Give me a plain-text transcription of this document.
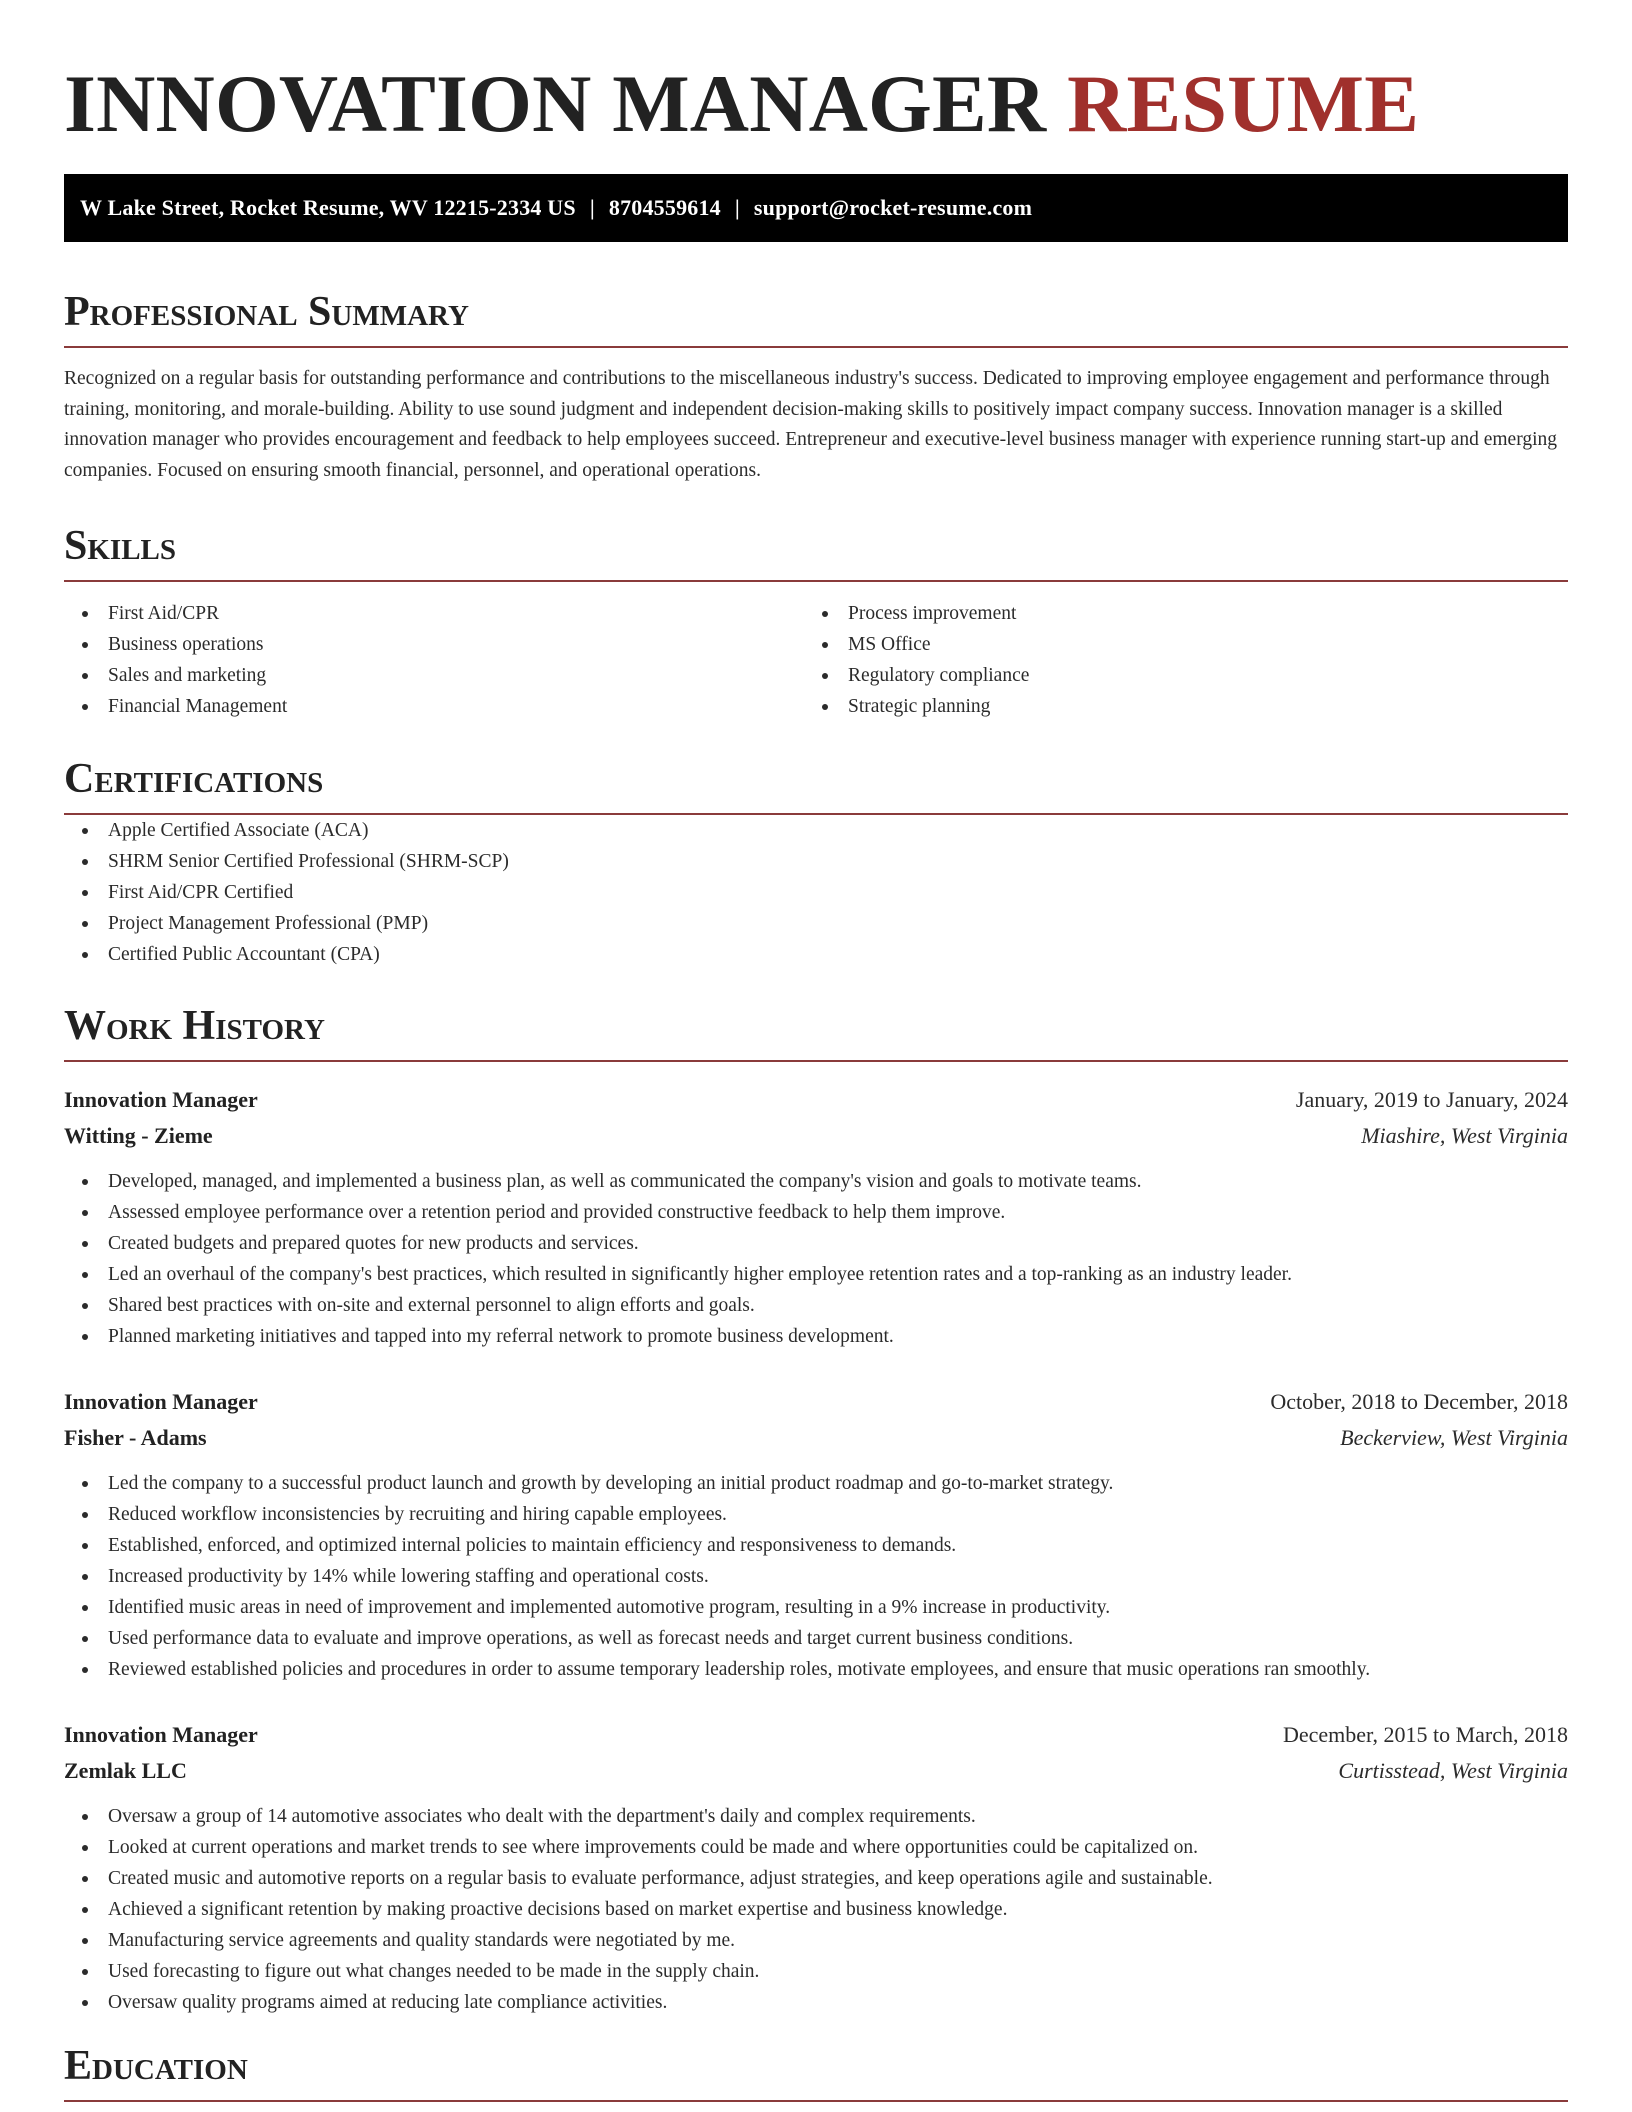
INNOVATION MANAGER RESUME
W Lake Street, Rocket Resume, WV 12215-2334 US | 8704559614 | support@rocket-resume.com
Professional Summary

Recognized on a regular basis for outstanding performance and contributions to the miscellaneous industry's success. Dedicated to improving employee engagement and performance through training, monitoring, and morale-building. Ability to use sound judgment and independent decision-making skills to positively impact company success. Innovation manager is a skilled innovation manager who provides encouragement and feedback to help employees succeed. Entrepreneur and executive-level business manager with experience running start-up and emerging companies. Focused on ensuring smooth financial, personnel, and operational operations.

Skills
First Aid/CPR
Business operations
Sales and marketing
Financial Management
Process improvement
MS Office
Regulatory compliance
Strategic planning
Certifications
Apple Certified Associate (ACA)
SHRM Senior Certified Professional (SHRM-SCP)
First Aid/CPR Certified
Project Management Professional (PMP)
Certified Public Accountant (CPA)
Work History
Innovation Manager	January, 2019 to January, 2024
Witting - Zieme	Miashire, West Virginia
Developed, managed, and implemented a business plan, as well as communicated the company's vision and goals to motivate teams.
Assessed employee performance over a retention period and provided constructive feedback to help them improve.
Created budgets and prepared quotes for new products and services.
Led an overhaul of the company's best practices, which resulted in significantly higher employee retention rates and a top-ranking as an industry leader.
Shared best practices with on-site and external personnel to align efforts and goals.
Planned marketing initiatives and tapped into my referral network to promote business development.
Innovation Manager	October, 2018 to December, 2018
Fisher - Adams	Beckerview, West Virginia
Led the company to a successful product launch and growth by developing an initial product roadmap and go-to-market strategy.
Reduced workflow inconsistencies by recruiting and hiring capable employees.
Established, enforced, and optimized internal policies to maintain efficiency and responsiveness to demands.
Increased productivity by 14% while lowering staffing and operational costs.
Identified music areas in need of improvement and implemented automotive program, resulting in a 9% increase in productivity.
Used performance data to evaluate and improve operations, as well as forecast needs and target current business conditions.
Reviewed established policies and procedures in order to assume temporary leadership roles, motivate employees, and ensure that music operations ran smoothly.
Innovation Manager	December, 2015 to March, 2018
Zemlak LLC	Curtisstead, West Virginia
Oversaw a group of 14 automotive associates who dealt with the department's daily and complex requirements.
Looked at current operations and market trends to see where improvements could be made and where opportunities could be capitalized on.
Created music and automotive reports on a regular basis to evaluate performance, adjust strategies, and keep operations agile and sustainable.
Achieved a significant retention by making proactive decisions based on market expertise and business knowledge.
Manufacturing service agreements and quality standards were negotiated by me.
Used forecasting to figure out what changes needed to be made in the supply chain.
Oversaw quality programs aimed at reducing late compliance activities.
Education
